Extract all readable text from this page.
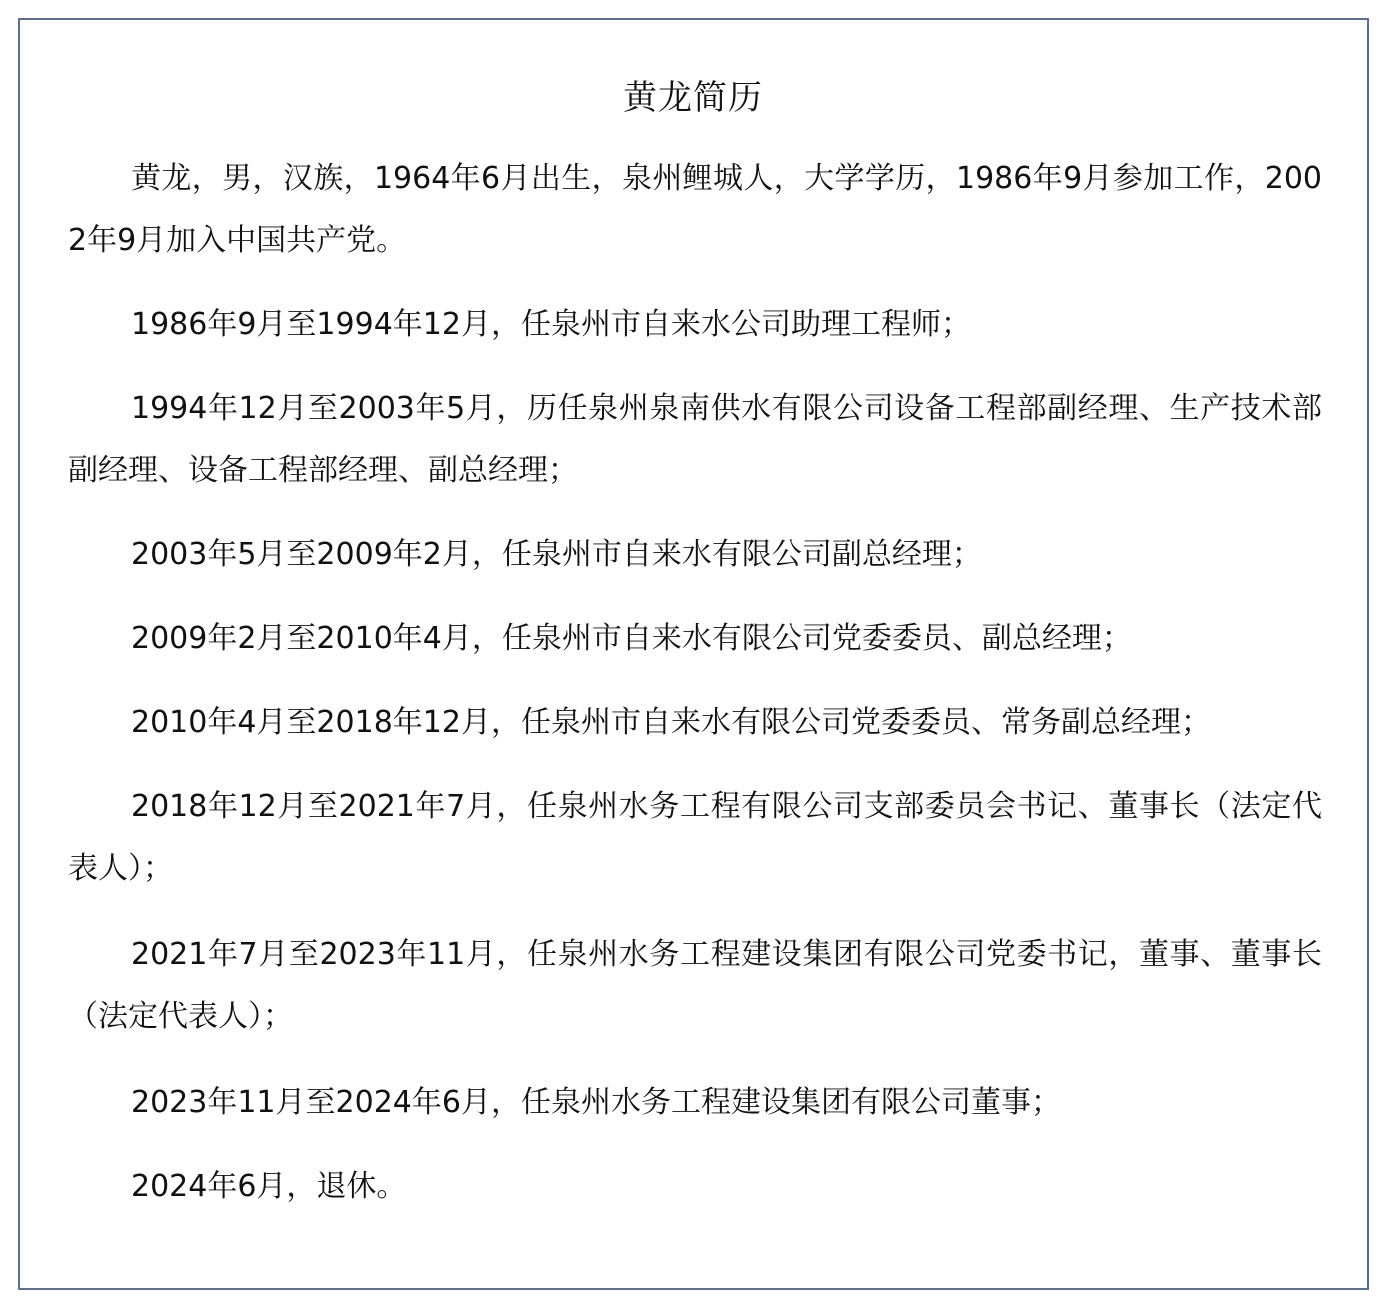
黄龙简历

黄龙，男，汉族，1964年6月出生，泉州鲤城人，大学学历，1986年9月参加工作，2002年9月加入中国共产党。

1986年9月至1994年12月，任泉州市自来水公司助理工程师；

1994年12月至2003年5月，历任泉州泉南供水有限公司设备工程部副经理、生产技术部副经理、设备工程部经理、副总经理；

2003年5月至2009年2月，任泉州市自来水有限公司副总经理；

2009年2月至2010年4月，任泉州市自来水有限公司党委委员、副总经理；

2010年4月至2018年12月，任泉州市自来水有限公司党委委员、常务副总经理；

2018年12月至2021年7月，任泉州水务工程有限公司支部委员会书记、董事长（法定代表人）；

2021年7月至2023年11月，任泉州水务工程建设集团有限公司党委书记，董事、董事长（法定代表人）；

2023年11月至2024年6月，任泉州水务工程建设集团有限公司董事；

2024年6月，退休。
